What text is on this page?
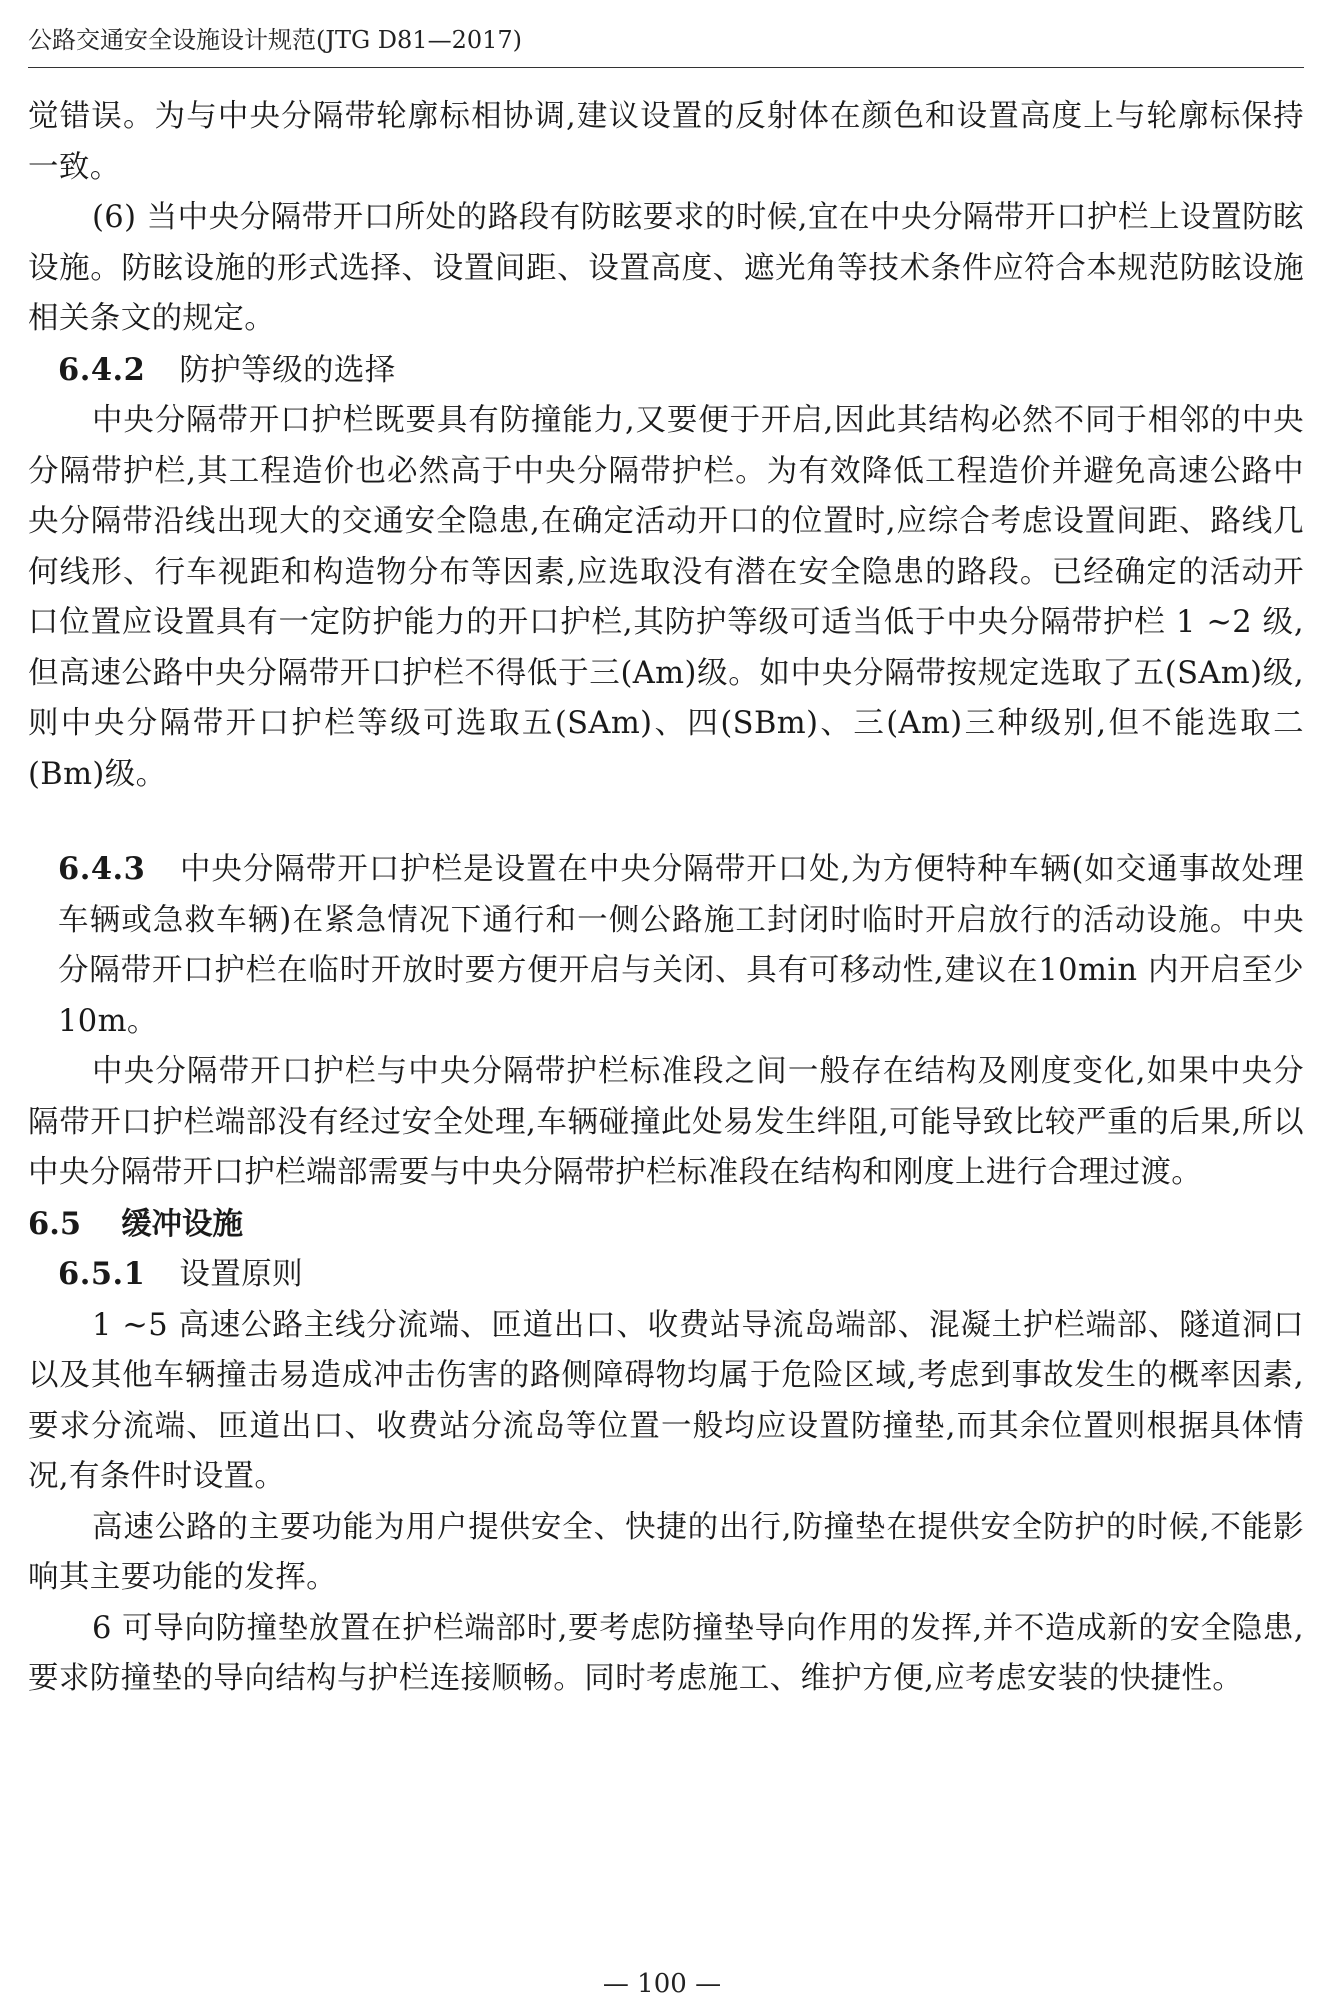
公路交通安全设施设计规范(JTG D81—2017)

觉错误。为与中央分隔带轮廓标相协调,建议设置的反射体在颜色和设置高度上与轮廓标保持一致。

(6) 当中央分隔带开口所处的路段有防眩要求的时候,宜在中央分隔带开口护栏上设置防眩设施。防眩设施的形式选择、设置间距、设置高度、遮光角等技术条件应符合本规范防眩设施相关条文的规定。

6.4.2 防护等级的选择

中央分隔带开口护栏既要具有防撞能力,又要便于开启,因此其结构必然不同于相邻的中央分隔带护栏,其工程造价也必然高于中央分隔带护栏。为有效降低工程造价并避免高速公路中央分隔带沿线出现大的交通安全隐患,在确定活动开口的位置时,应综合考虑设置间距、路线几何线形、行车视距和构造物分布等因素,应选取没有潜在安全隐患的路段。已经确定的活动开口位置应设置具有一定防护能力的开口护栏,其防护等级可适当低于中央分隔带护栏 1 ~2 级,但高速公路中央分隔带开口护栏不得低于三(Am)级。如中央分隔带按规定选取了五(SAm)级,则中央分隔带开口护栏等级可选取五(SAm)、四(SBm)、三(Am)三种级别,但不能选取二(Bm)级。

6.4.3 中央分隔带开口护栏是设置在中央分隔带开口处,为方便特种车辆(如交通事故处理车辆或急救车辆)在紧急情况下通行和一侧公路施工封闭时临时开启放行的活动设施。中央分隔带开口护栏在临时开放时要方便开启与关闭、具有可移动性,建议在10min 内开启至少 10m。

中央分隔带开口护栏与中央分隔带护栏标准段之间一般存在结构及刚度变化,如果中央分隔带开口护栏端部没有经过安全处理,车辆碰撞此处易发生绊阻,可能导致比较严重的后果,所以中央分隔带开口护栏端部需要与中央分隔带护栏标准段在结构和刚度上进行合理过渡。

6.5 缓冲设施

6.5.1 设置原则

1 ~5 高速公路主线分流端、匝道出口、收费站导流岛端部、混凝土护栏端部、隧道洞口以及其他车辆撞击易造成冲击伤害的路侧障碍物均属于危险区域,考虑到事故发生的概率因素,要求分流端、匝道出口、收费站分流岛等位置一般均应设置防撞垫,而其余位置则根据具体情况,有条件时设置。

高速公路的主要功能为用户提供安全、快捷的出行,防撞垫在提供安全防护的时候,不能影响其主要功能的发挥。

6 可导向防撞垫放置在护栏端部时,要考虑防撞垫导向作用的发挥,并不造成新的安全隐患,要求防撞垫的导向结构与护栏连接顺畅。同时考虑施工、维护方便,应考虑安装的快捷性。

— 100 —
